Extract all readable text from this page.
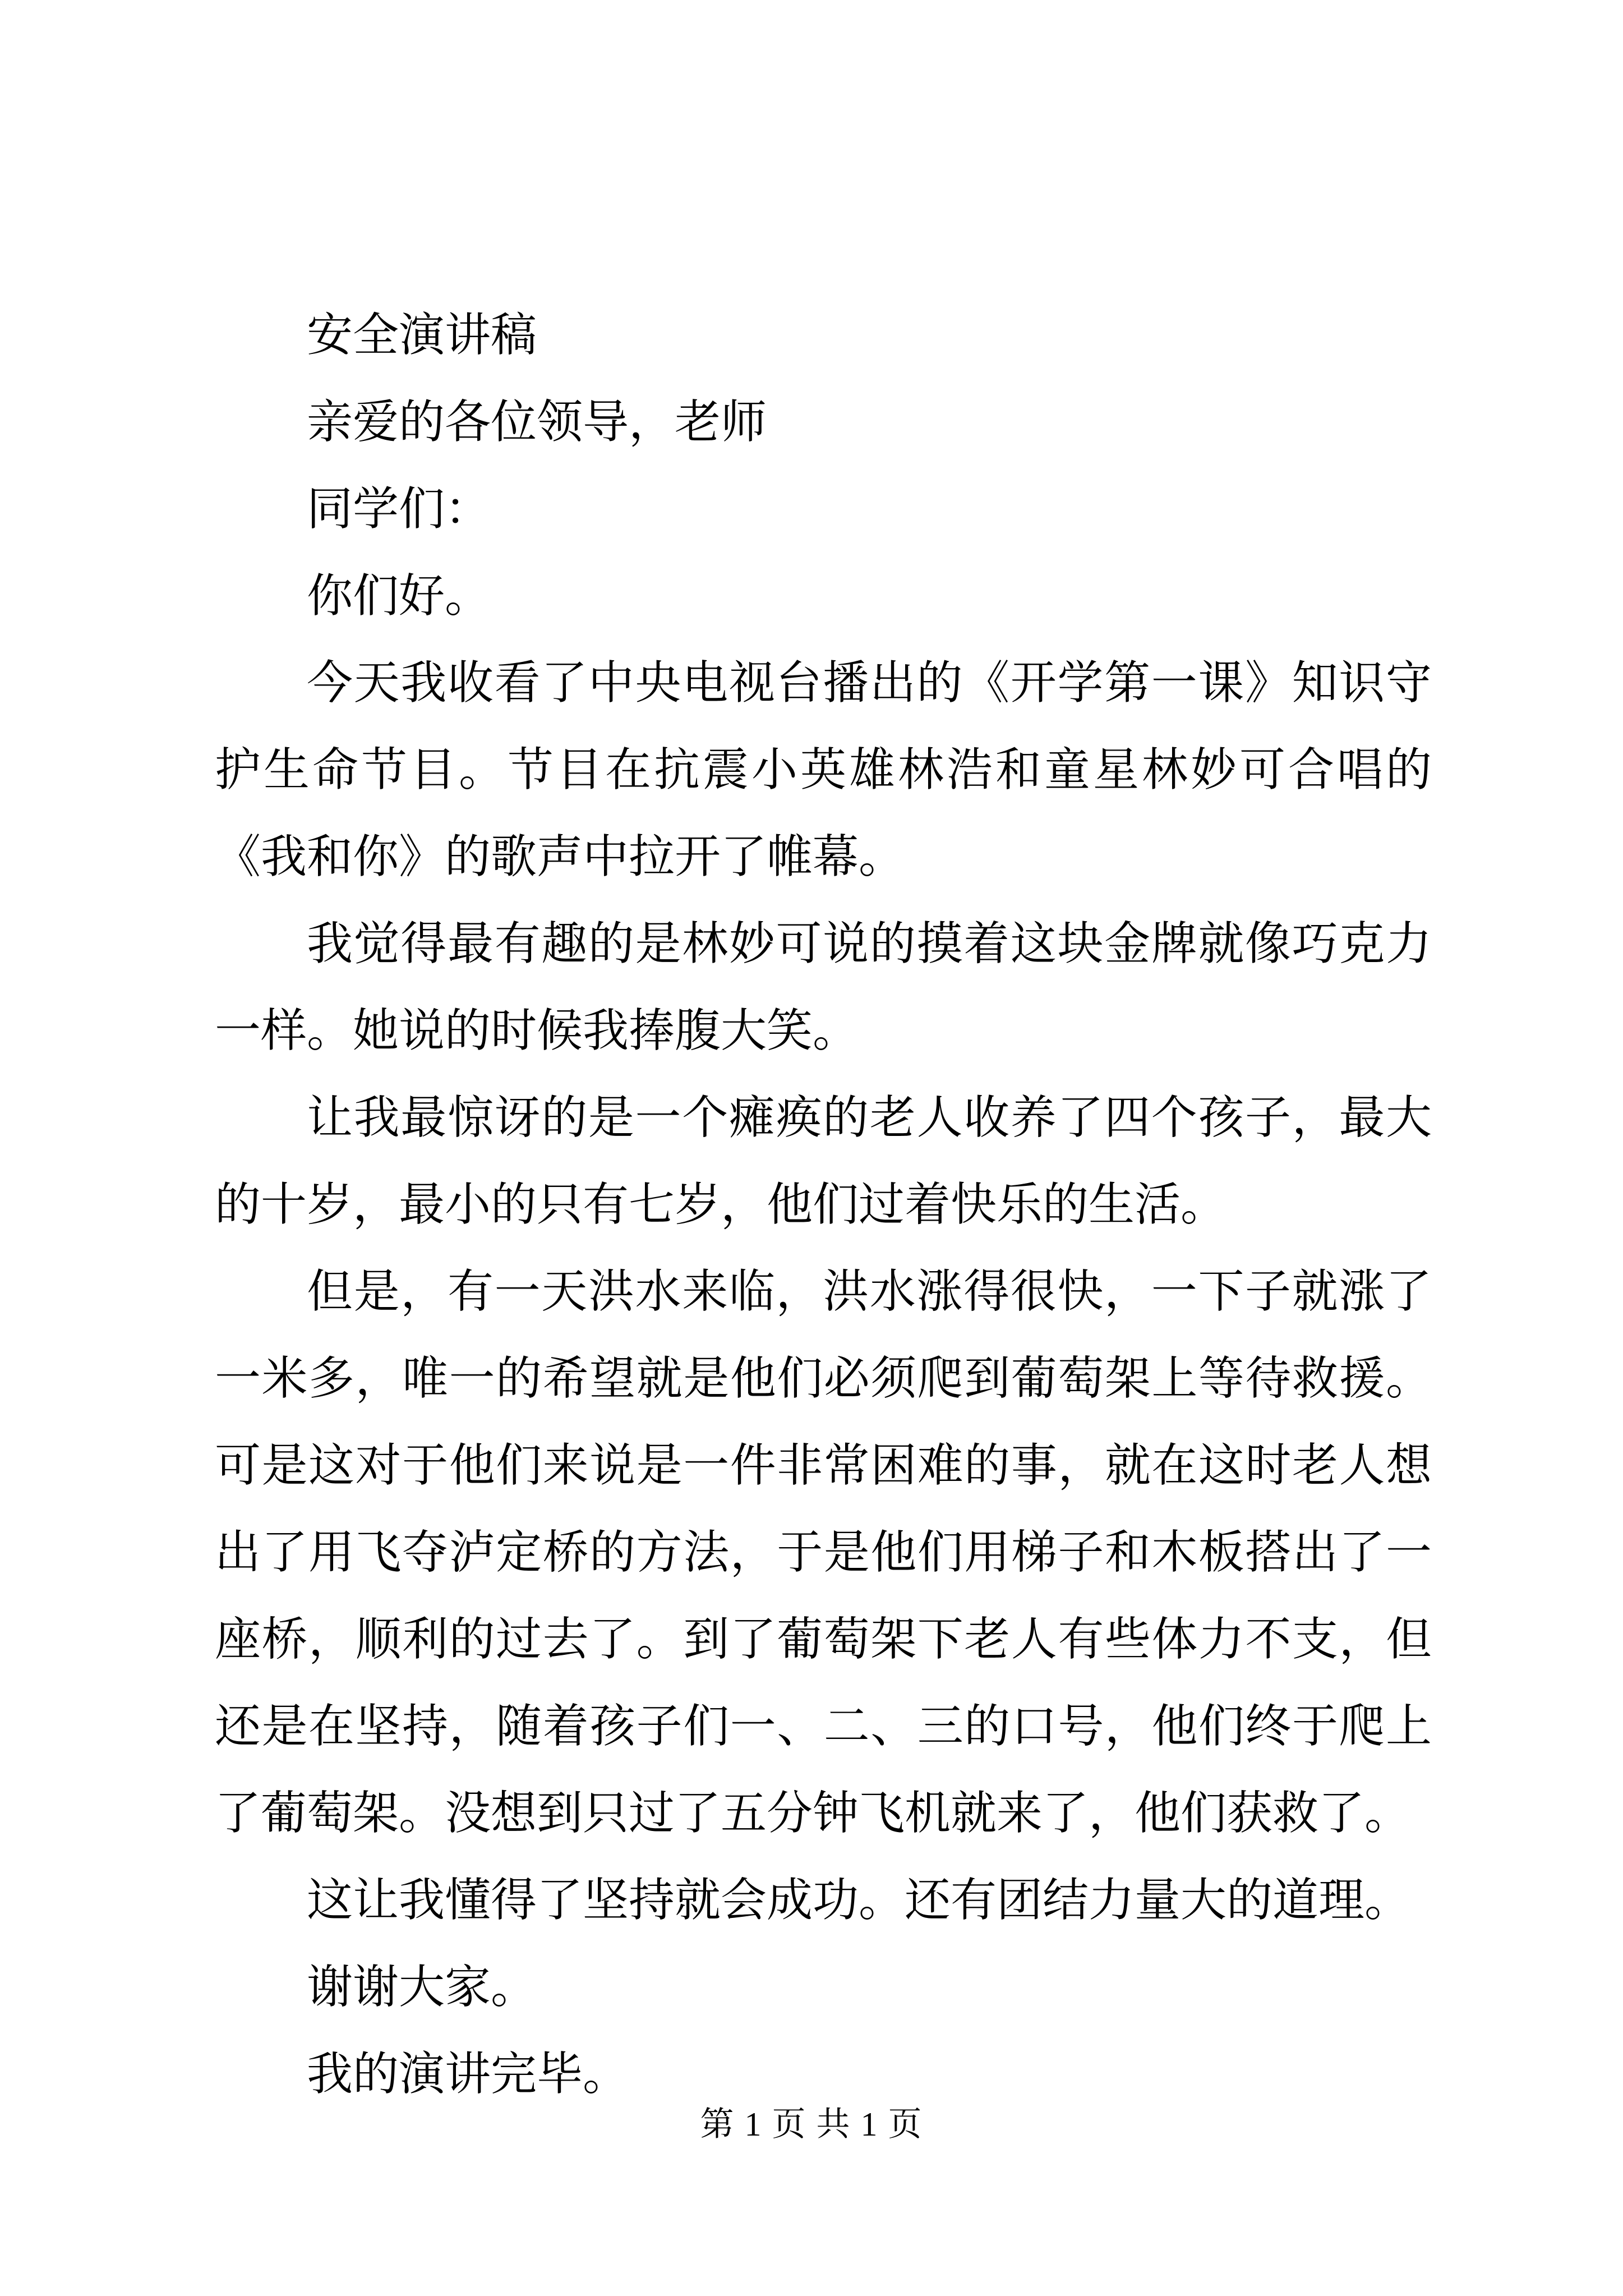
安全演讲稿

亲爱的各位领导，老师

同学们：

你们好。

今天我收看了中央电视台播出的《开学第一课》知识守护生命节目。节目在抗震小英雄林浩和童星林妙可合唱的《我和你》的歌声中拉开了帷幕。

我觉得最有趣的是林妙可说的摸着这块金牌就像巧克力一样。她说的时候我捧腹大笑。

让我最惊讶的是一个瘫痪的老人收养了四个孩子，最大的十岁，最小的只有七岁，他们过着快乐的生活。

但是，有一天洪水来临，洪水涨得很快，一下子就涨了一米多，唯一的希望就是他们必须爬到葡萄架上等待救援。可是这对于他们来说是一件非常困难的事，就在这时老人想出了用飞夺泸定桥的方法，于是他们用梯子和木板搭出了一座桥，顺利的过去了。到了葡萄架下老人有些体力不支，但还是在坚持，随着孩子们一、二、三的口号，他们终于爬上了葡萄架。没想到只过了五分钟飞机就来了，他们获救了。

这让我懂得了坚持就会成功。还有团结力量大的道理。

谢谢大家。

我的演讲完毕。

第 1 页 共 1 页
